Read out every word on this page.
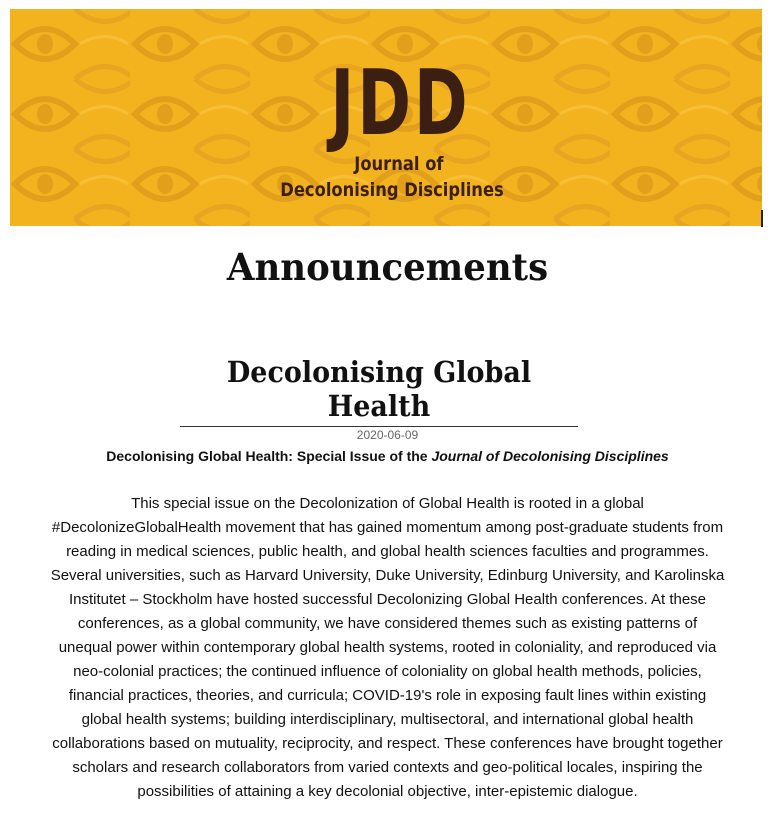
JDD
Journal of
Decolonising Disciplines
Announcements
Decolonising Global Health
2020-06-09
Decolonising Global Health: Special Issue of the Journal of Decolonising Disciplines

This special issue on the Decolonization of Global Health is rooted in a global #DecolonizeGlobalHealth movement that has gained momentum among post-graduate students from reading in medical sciences, public health, and global health sciences faculties and programmes. Several universities, such as Harvard University, Duke University, Edinburg University, and Karolinska Institutet – Stockholm have hosted successful Decolonizing Global Health conferences. At these conferences, as a global community, we have considered themes such as existing patterns of unequal power within contemporary global health systems, rooted in coloniality, and reproduced via neo-colonial practices; the continued influence of coloniality on global health methods, policies, financial practices, theories, and curricula; COVID-19's role in exposing fault lines within existing global health systems; building interdisciplinary, multisectoral, and international global health collaborations based on mutuality, reciprocity, and respect. These conferences have brought together scholars and research collaborators from varied contexts and geo-political locales, inspiring the possibilities of attaining a key decolonial objective, inter-epistemic dialogue.
